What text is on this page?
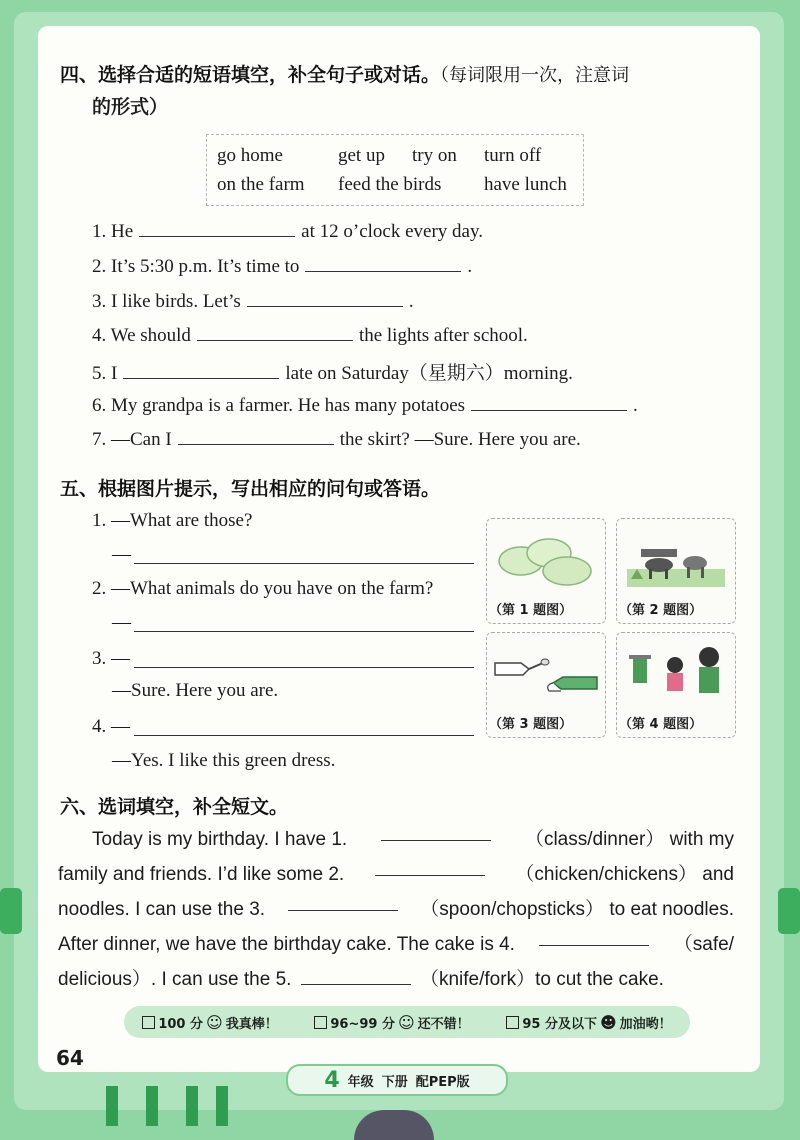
四、选择合适的短语填空，补全句子或对话。（每词限用一次，注意词
的形式）
go home	get up try on turn off
on the farm feed the birds have lunch
1. He	at 12 o’clock every day.
2. It’s 5:30 p.m. It’s time to	.
3. I like birds. Let’s	.
4. We should	the lights after school.
5. I	late on Saturday（星期六）morning.
6. My grandpa is a farmer. He has many potatoes	.
7. —Can I	the skirt? —Sure. Here you are.
五、根据图片提示，写出相应的问句或答语。
1. —What are those?
—
2. —What animals do you have on the farm?
—
3. —
—Sure. Here you are.
4. —
—Yes. I like this green dress.
（第 1 题图）	（第 2 题图）
（第 3 题图）	（第 4 题图）
六、选词填空，补全短文。
Today is my birthday. I have 1.	（class/dinner） with my
family and friends. I’d like some 2.	（chicken/chickens） and
noodles. I can use the 3.	（spoon/chopsticks） to eat noodles.
After dinner, we have the birthday cake. The cake is 4.	（safe/
delicious）. I can use the 5.	（knife/fork）to cut the cake.
100 分 ☺ 我真棒！	96~99 分 ☺ 还不错！	95 分及以下 ☻ 加油哟！
64
4 年级 下册 配PEP版
